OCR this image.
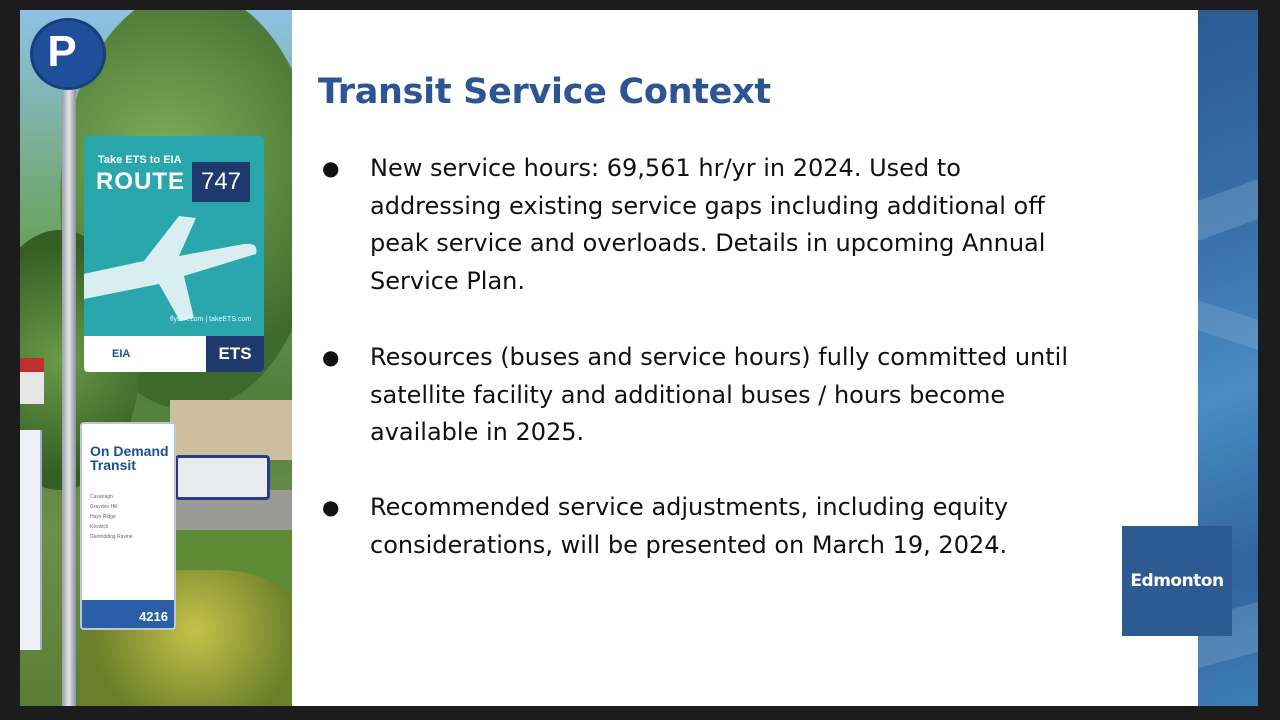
P
Take ETS to EIA
ROUTE 747
flyEIA.com | takeETS.com
EIA	ETS
On Demand Transit
Cavanagh
Graydon Hill
Hays Ridge
Keswick
Glenridding Ravine
4216
Transit Service Context
● New service hours: 69,561 hr/yr in 2024. Used to addressing existing service gaps including additional off peak service and overloads. Details in upcoming Annual Service Plan.
● Resources (buses and service hours) fully committed until satellite facility and additional buses / hours become available in 2025.
● Recommended service adjustments, including equity considerations, will be presented on March 19, 2024.
Edmonton
